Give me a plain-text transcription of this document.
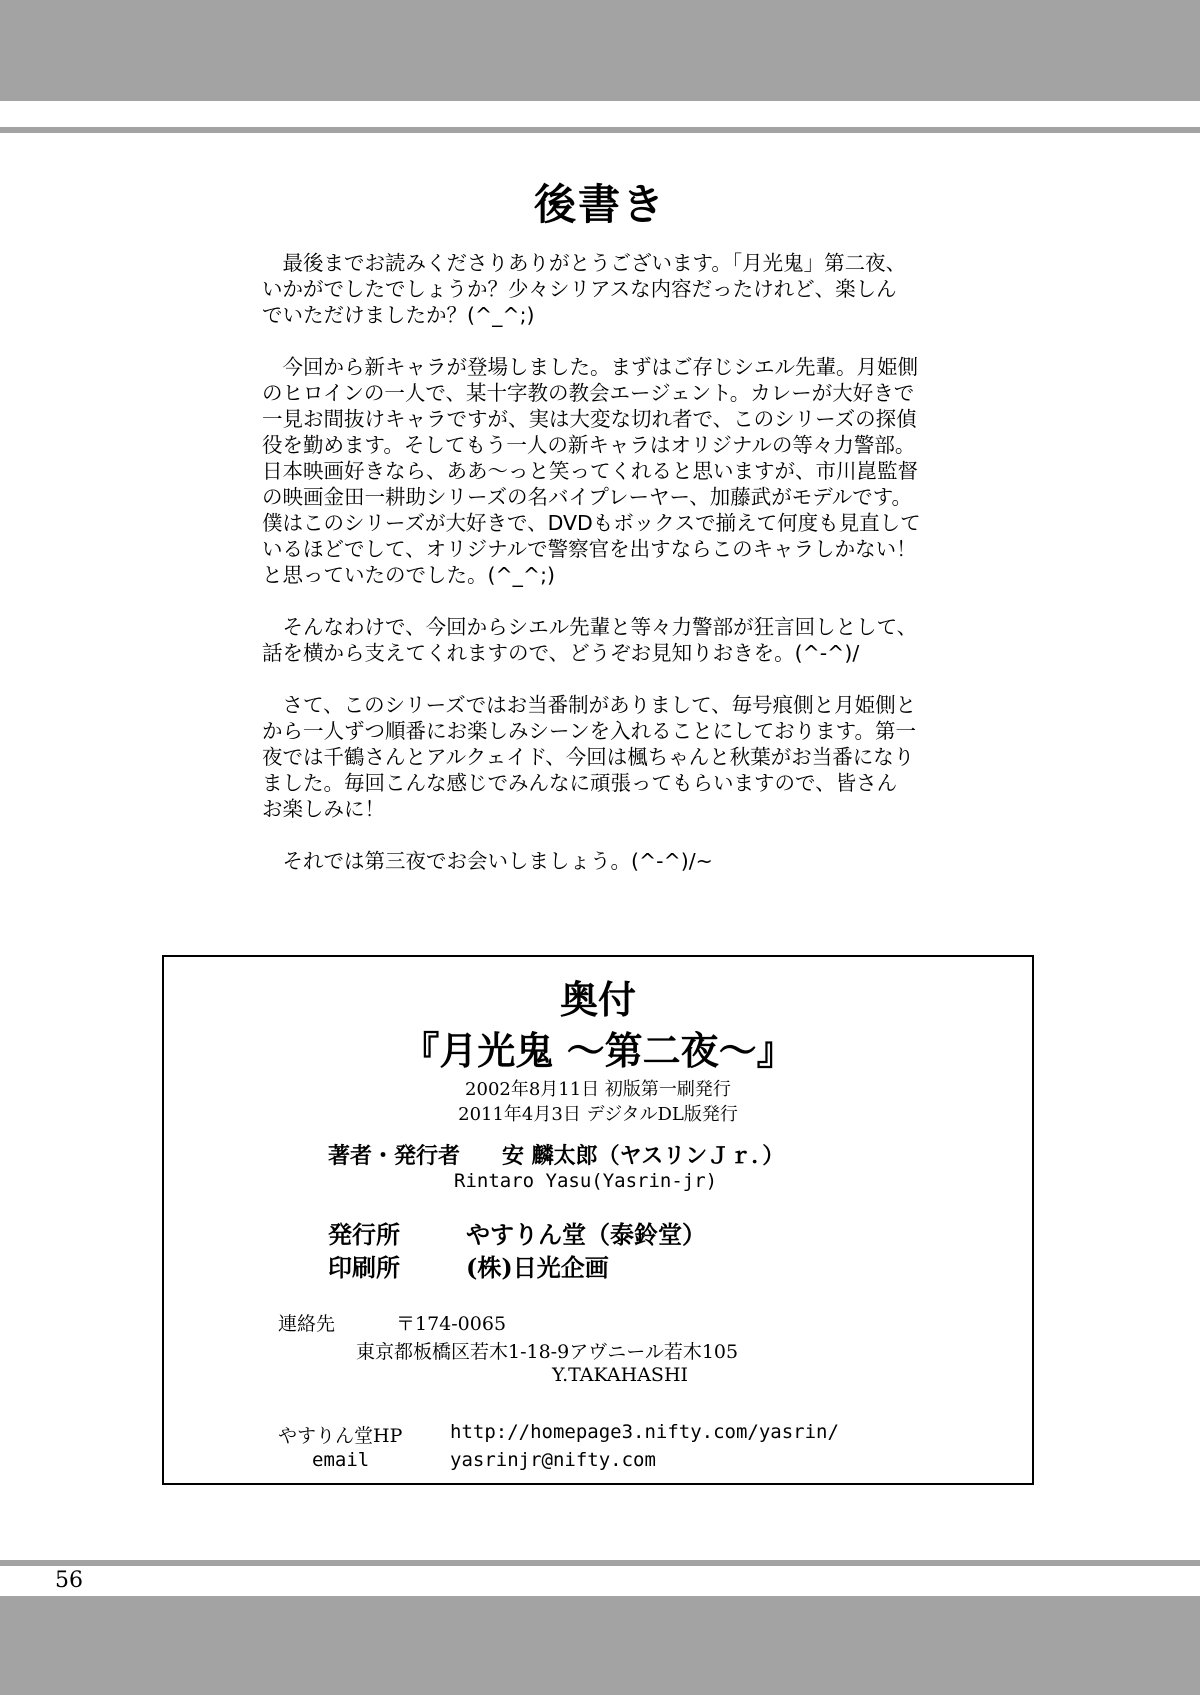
後書き
　最後までお読みくださりありがとうございます。「月光鬼」第二夜、
いかがでしたでしょうか？少々シリアスな内容だったけれど、楽しん
でいただけましたか？(^_^;)
　今回から新キャラが登場しました。まずはご存じシエル先輩。月姫側
のヒロインの一人で、某十字教の教会エージェント。カレーが大好きで
一見お間抜けキャラですが、実は大変な切れ者で、このシリーズの探偵
役を勤めます。そしてもう一人の新キャラはオリジナルの等々力警部。
日本映画好きなら、ああ～っと笑ってくれると思いますが、市川崑監督
の映画金田一耕助シリーズの名バイプレーヤー、加藤武がモデルです。
僕はこのシリーズが大好きで、DVDもボックスで揃えて何度も見直して
いるほどでして、オリジナルで警察官を出すならこのキャラしかない！
と思っていたのでした。(^_^;)
　そんなわけで、今回からシエル先輩と等々力警部が狂言回しとして、
話を横から支えてくれますので、どうぞお見知りおきを。(^-^)/
　さて、このシリーズではお当番制がありまして、毎号痕側と月姫側と
から一人ずつ順番にお楽しみシーンを入れることにしております。第一
夜では千鶴さんとアルクェイド、今回は楓ちゃんと秋葉がお当番になり
ました。毎回こんな感じでみんなに頑張ってもらいますので、皆さん
お楽しみに！
　それでは第三夜でお会いしましょう。(^-^)/~
奥付
『月光鬼 ～第二夜～』
2002年8月11日 初版第一刷発行
2011年4月3日 デジタルDL版発行
著者・発行者 安 麟太郎（ヤスリンＪｒ．）
Rintaro Yasu(Yasrin-jr)
発行所	やすりん堂（泰鈴堂）
印刷所	(株)日光企画
連絡先	〒174-0065
東京都板橋区若木1-18-9アヴニール若木105
Y.TAKAHASHI
やすりん堂HP	http://homepage3.nifty.com/yasrin/
email	yasrinjr@nifty.com
56
